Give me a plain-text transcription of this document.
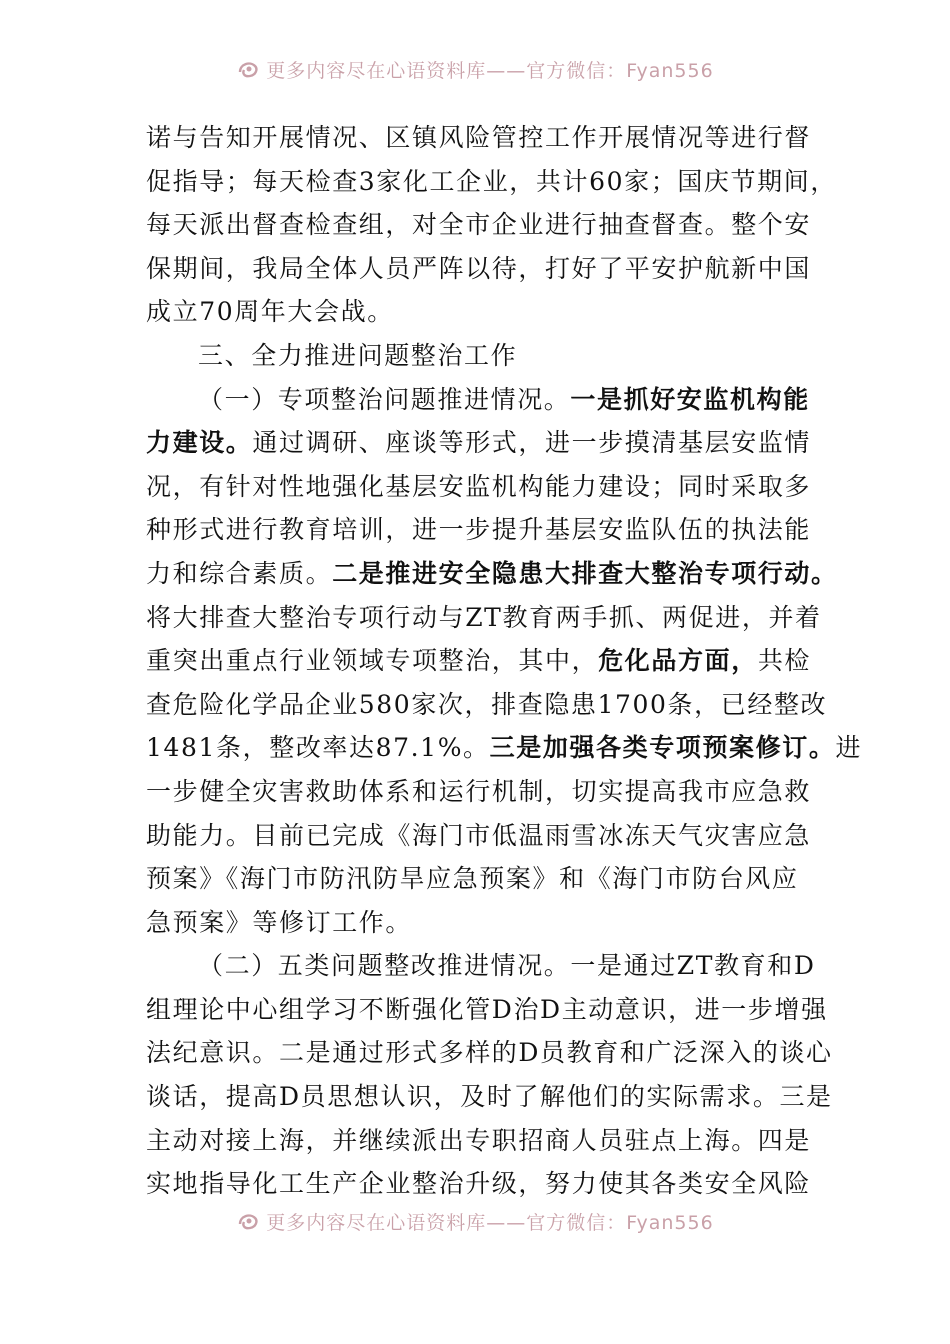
更多内容尽在心语资料库——官方微信：Fyan556
诺与告知开展情况、区镇风险管控工作开展情况等进行督
促指导；每天检查3家化工企业，共计60家；国庆节期间，
每天派出督查检查组，对全市企业进行抽查督查。整个安
保期间，我局全体人员严阵以待，打好了平安护航新中国
成立70周年大会战。
三、全力推进问题整治工作
（一）专项整治问题推进情况。一是抓好安监机构能
力建设。通过调研、座谈等形式，进一步摸清基层安监情
况，有针对性地强化基层安监机构能力建设；同时采取多
种形式进行教育培训，进一步提升基层安监队伍的执法能
力和综合素质。二是推进安全隐患大排查大整治专项行动。
将大排查大整治专项行动与ZT教育两手抓、两促进，并着
重突出重点行业领域专项整治，其中，危化品方面，共检
查危险化学品企业580家次，排查隐患1700条，已经整改
1481条，整改率达87.1%。三是加强各类专项预案修订。进
一步健全灾害救助体系和运行机制，切实提高我市应急救
助能力。目前已完成《海门市低温雨雪冰冻天气灾害应急
预案》《海门市防汛防旱应急预案》和《海门市防台风应
急预案》等修订工作。
（二）五类问题整改推进情况。一是通过ZT教育和D
组理论中心组学习不断强化管D治D主动意识，进一步增强
法纪意识。二是通过形式多样的D员教育和广泛深入的谈心
谈话，提高D员思想认识，及时了解他们的实际需求。三是
主动对接上海，并继续派出专职招商人员驻点上海。四是
实地指导化工生产企业整治升级，努力使其各类安全风险
更多内容尽在心语资料库——官方微信：Fyan556
